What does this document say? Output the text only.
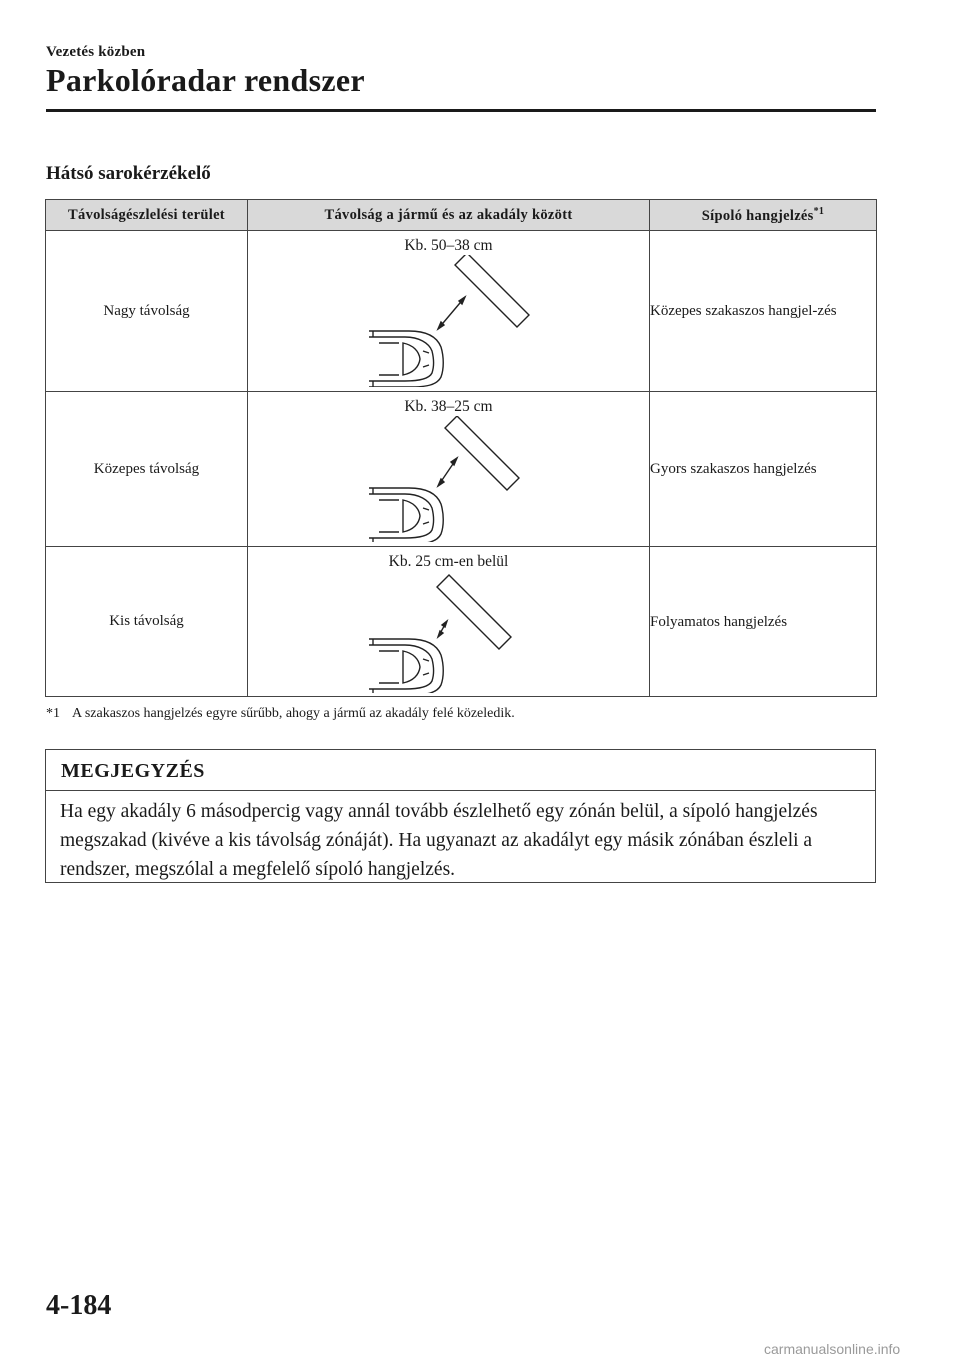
Vezetés közben
Parkolóradar rendszer
Hátsó sarokérzékelő
Távolságészlelési terület	Távolság a jármű és az akadály között	Sípoló hangjelzés$^{*1}$
Nagy távolság	Kb. 50–38 cm	Közepes szakaszos hangjel-zés
Közepes távolság	Kb. 38–25 cm	Gyors szakaszos hangjelzés
Kis távolság	Kb. 25 cm-en belül	Folyamatos hangjelzés
*1 A szakaszos hangjelzés egyre sűrűbb, ahogy a jármű az akadály felé közeledik.
MEGJEGYZÉS
Ha egy akadály 6 másodpercig vagy annál tovább észlelhető egy zónán belül, a sípoló hangjelzés megszakad (kivéve a kis távolság zónáját). Ha ugyanazt az akadályt egy másik zónában észleli a rendszer, megszólal a megfelelő sípoló hangjelzés.
4-184
carmanualsonline.info
